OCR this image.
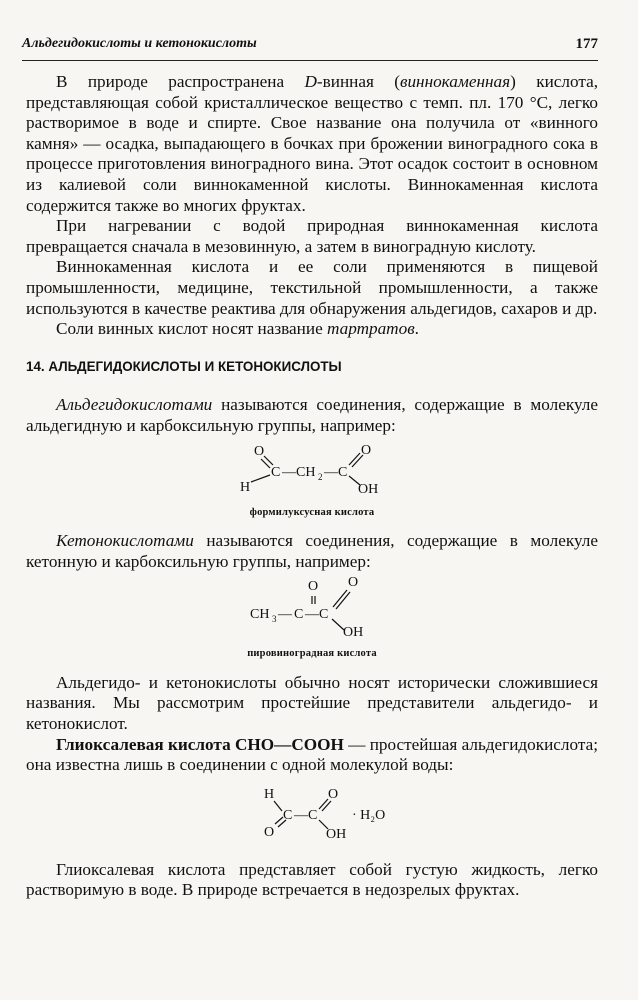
Альдегидокислоты и кетонокислоты	177

В природе распространена D-винная (виннокаменная) кислота, представляющая собой кристаллическое вещество с темп. пл. 170 °С, легко растворимое в воде и спирте. Свое название она получила от «винного камня» — осадка, выпадающего в бочках при брожении виноградного сока в процессе приготовления виноградного вина. Этот осадок состоит в основном из калиевой соли виннокаменной кислоты. Виннокаменная кислота содержится также во многих фруктах.

При нагревании с водой природная виннокаменная кислота превращается сначала в мезовинную, а затем в виноградную кислоту.

Виннокаменная кислота и ее соли применяются в пищевой промышленности, медицине, текстильной промышленности, а также используются в качестве реактива для обнаружения альдегидов, сахаров и др.

Соли винных кислот носят название тартратов.

14. АЛЬДЕГИДОКИСЛОТЫ И КЕТОНОКИСЛОТЫ

Альдегидокислотами называются соединения, содержащие в молекуле альдегидную и карбоксильную группы, например:

O
H
C — CH 2 — C
O
OH
формилуксусная кислота

Кетонокислотами называются соединения, содержащие в молекуле кетонную и карбоксильную группы, например:

O O
CH 3 — C — C
OH
пировиноградная кислота

Альдегидо- и кетонокислоты обычно носят исторически сложившиеся названия. Мы рассмотрим простейшие представители альдегидо- и кетонокислот.

Глиоксалевая кислота СНО—СООН — простейшая альдегидокислота; она известна лишь в соединении с одной молекулой воды:

H
O
C — C
O
OH
· H₂O

Глиоксалевая кислота представляет собой густую жидкость, легко растворимую в воде. В природе встречается в недозрелых фруктах.
